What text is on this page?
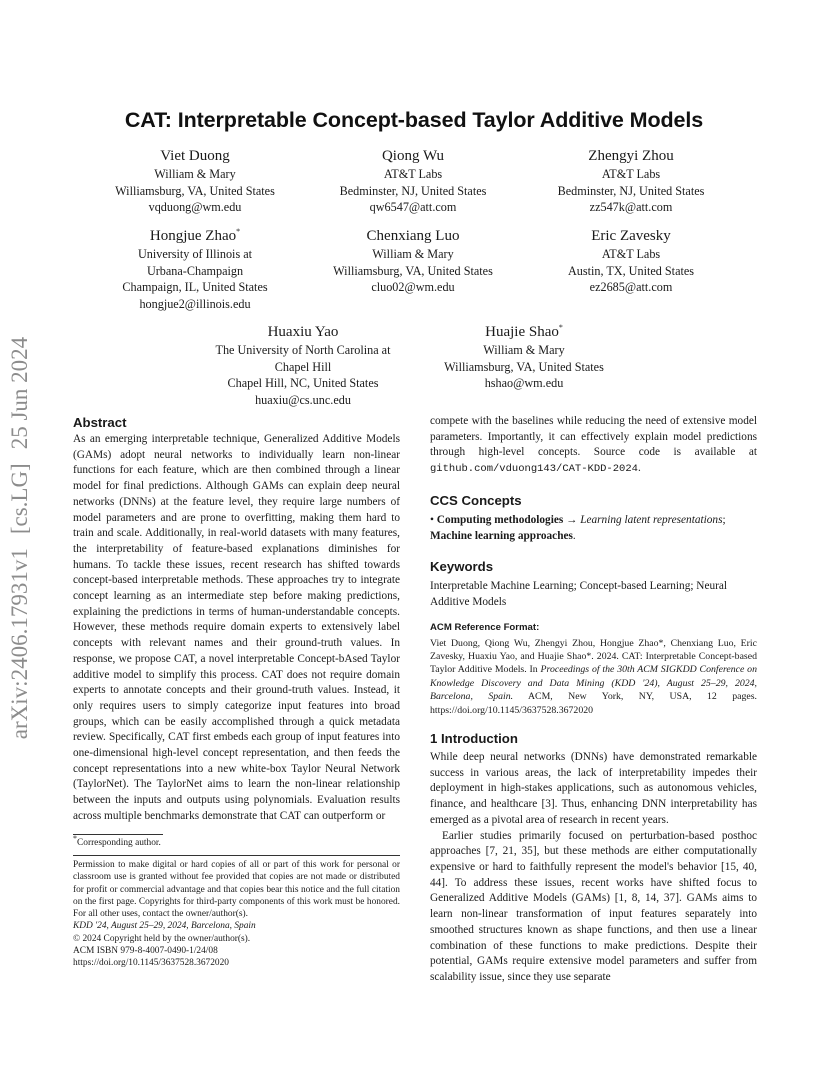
arXiv:2406.17931v1[cs.LG]25 Jun 2024
CAT: Interpretable Concept-based Taylor Additive Models
Viet Duong
William & Mary
Williamsburg, VA, United States
vqduong@wm.edu
Qiong Wu
AT&T Labs
Bedminster, NJ, United States
qw6547@att.com
Zhengyi Zhou
AT&T Labs
Bedminster, NJ, United States
zz547k@att.com
Hongjue Zhao*
University of Illinois at
Urbana-Champaign
Champaign, IL, United States
hongjue2@illinois.edu
Chenxiang Luo
William & Mary
Williamsburg, VA, United States
cluo02@wm.edu
Eric Zavesky
AT&T Labs
Austin, TX, United States
ez2685@att.com
Huaxiu Yao
The University of North Carolina at
Chapel Hill
Chapel Hill, NC, United States
huaxiu@cs.unc.edu
Huajie Shao*
William & Mary
Williamsburg, VA, United States
hshao@wm.edu
Abstract

As an emerging interpretable technique, Generalized Additive Models (GAMs) adopt neural networks to individually learn non-linear functions for each feature, which are then combined through a linear model for final predictions. Although GAMs can explain deep neural networks (DNNs) at the feature level, they require large numbers of model parameters and are prone to overfitting, making them hard to train and scale. Additionally, in real-world datasets with many features, the interpretability of feature-based explanations diminishes for humans. To tackle these issues, recent research has shifted towards concept-based interpretable methods. These approaches try to integrate concept learning as an intermediate step before making predictions, explaining the predictions in terms of human-understandable concepts. However, these methods require domain experts to extensively label concepts with relevant names and their ground-truth values. In response, we propose CAT, a novel interpretable Concept-bAsed Taylor additive model to simplify this process. CAT does not require domain experts to annotate concepts and their ground-truth values. Instead, it only requires users to simply categorize input features into broad groups, which can be easily accomplished through a quick metadata review. Specifically, CAT first embeds each group of input features into one-dimensional high-level concept representation, and then feeds the concept representations into a new white-box Taylor Neural Network (TaylorNet). The TaylorNet aims to learn the non-linear relationship between the inputs and outputs using polynomials. Evaluation results across multiple benchmarks demonstrate that CAT can outperform or

*Corresponding author.

Permission to make digital or hard copies of all or part of this work for personal or classroom use is granted without fee provided that copies are not made or distributed for profit or commercial advantage and that copies bear this notice and the full citation on the first page. Copyrights for third-party components of this work must be honored. For all other uses, contact the owner/author(s).

KDD '24, August 25–29, 2024, Barcelona, Spain

© 2024 Copyright held by the owner/author(s).

ACM ISBN 979-8-4007-0490-1/24/08

https://doi.org/10.1145/3637528.3672020

compete with the baselines while reducing the need of extensive model parameters. Importantly, it can effectively explain model predictions through high-level concepts. Source code is available at github.com/vduong143/CAT-KDD-2024.

CCS Concepts

• Computing methodologies → Learning latent representations; Machine learning approaches.

Keywords

Interpretable Machine Learning; Concept-based Learning; Neural Additive Models

ACM Reference Format:

Viet Duong, Qiong Wu, Zhengyi Zhou, Hongjue Zhao*, Chenxiang Luo, Eric Zavesky, Huaxiu Yao, and Huajie Shao*. 2024. CAT: Interpretable Concept-based Taylor Additive Models. In Proceedings of the 30th ACM SIGKDD Conference on Knowledge Discovery and Data Mining (KDD '24), August 25–29, 2024, Barcelona, Spain. ACM, New York, NY, USA, 12 pages. https://doi.org/10.1145/3637528.3672020

1 Introduction

While deep neural networks (DNNs) have demonstrated remarkable success in various areas, the lack of interpretability impedes their deployment in high-stakes applications, such as autonomous vehicles, finance, and healthcare [3]. Thus, enhancing DNN interpretability has emerged as a pivotal area of research in recent years.

Earlier studies primarily focused on perturbation-based posthoc approaches [7, 21, 35], but these methods are either computationally expensive or hard to faithfully represent the model's behavior [15, 40, 44]. To address these issues, recent works have shifted focus to Generalized Additive Models (GAMs) [1, 8, 14, 37]. GAMs aims to learn non-linear transformation of input features separately into smoothed structures known as shape functions, and then use a linear combination of these functions to make predictions. Despite their potential, GAMs require extensive model parameters and suffer from scalability issue, since they use separate
